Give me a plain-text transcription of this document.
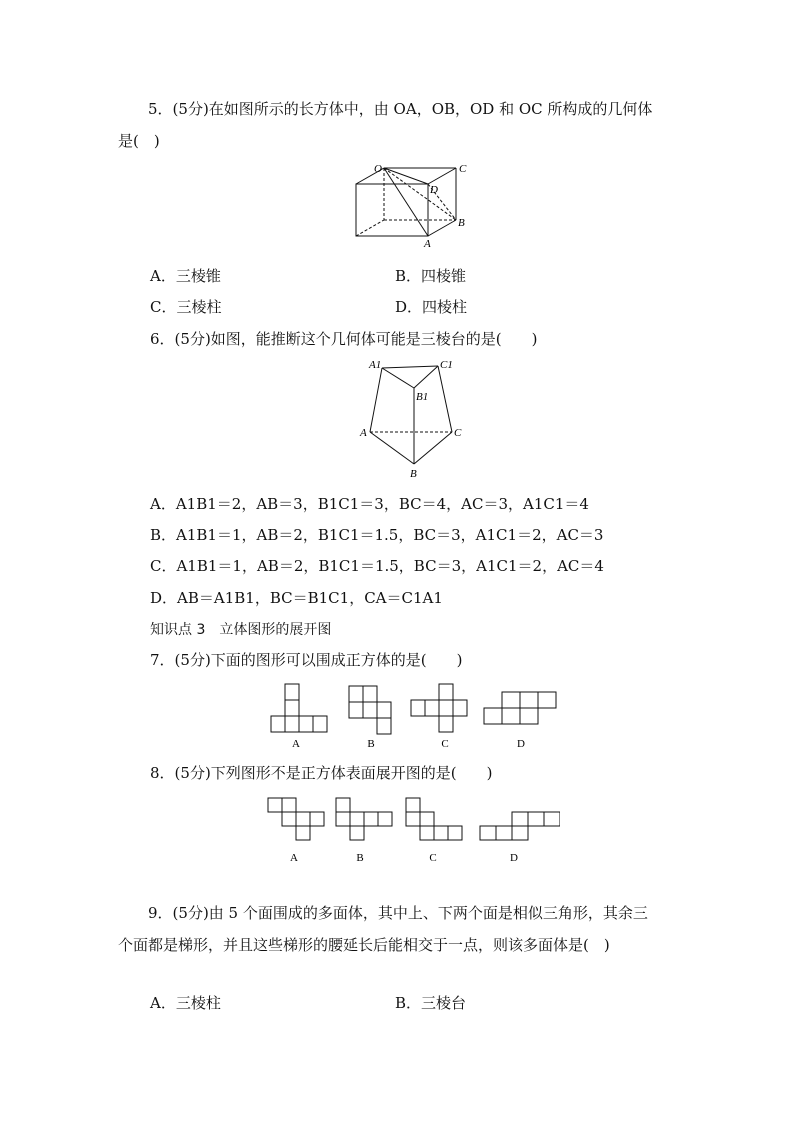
5．(5分)在如图所示的长方体中，由 OA，OB，OD 和 OC 所构成的几何体
是(　)
O	C
D
B
A
A．三棱锥	B．四棱锥
C．三棱柱	D．四棱柱
6．(5分)如图，能推断这个几何体可能是三棱台的是(　　)
A1	C1
B1
A	C
B
A．A1B1＝2，AB＝3，B1C1＝3，BC＝4，AC＝3，A1C1＝4
B．A1B1＝1，AB＝2，B1C1＝1.5，BC＝3，A1C1＝2，AC＝3
C．A1B1＝1，AB＝2，B1C1＝1.5，BC＝3，A1C1＝2，AC＝4
D．AB＝A1B1，BC＝B1C1，CA＝C1A1
知识点 3　立体图形的展开图
7．(5分)下面的图形可以围成正方体的是(　　)
A	B	C	D
8．(5分)下列图形不是正方体表面展开图的是(　　)
A	B	C	D
9．(5分)由 5 个面围成的多面体，其中上、下两个面是相似三角形，其余三
个面都是梯形，并且这些梯形的腰延长后能相交于一点，则该多面体是(　)
A．三棱柱	B．三棱台
